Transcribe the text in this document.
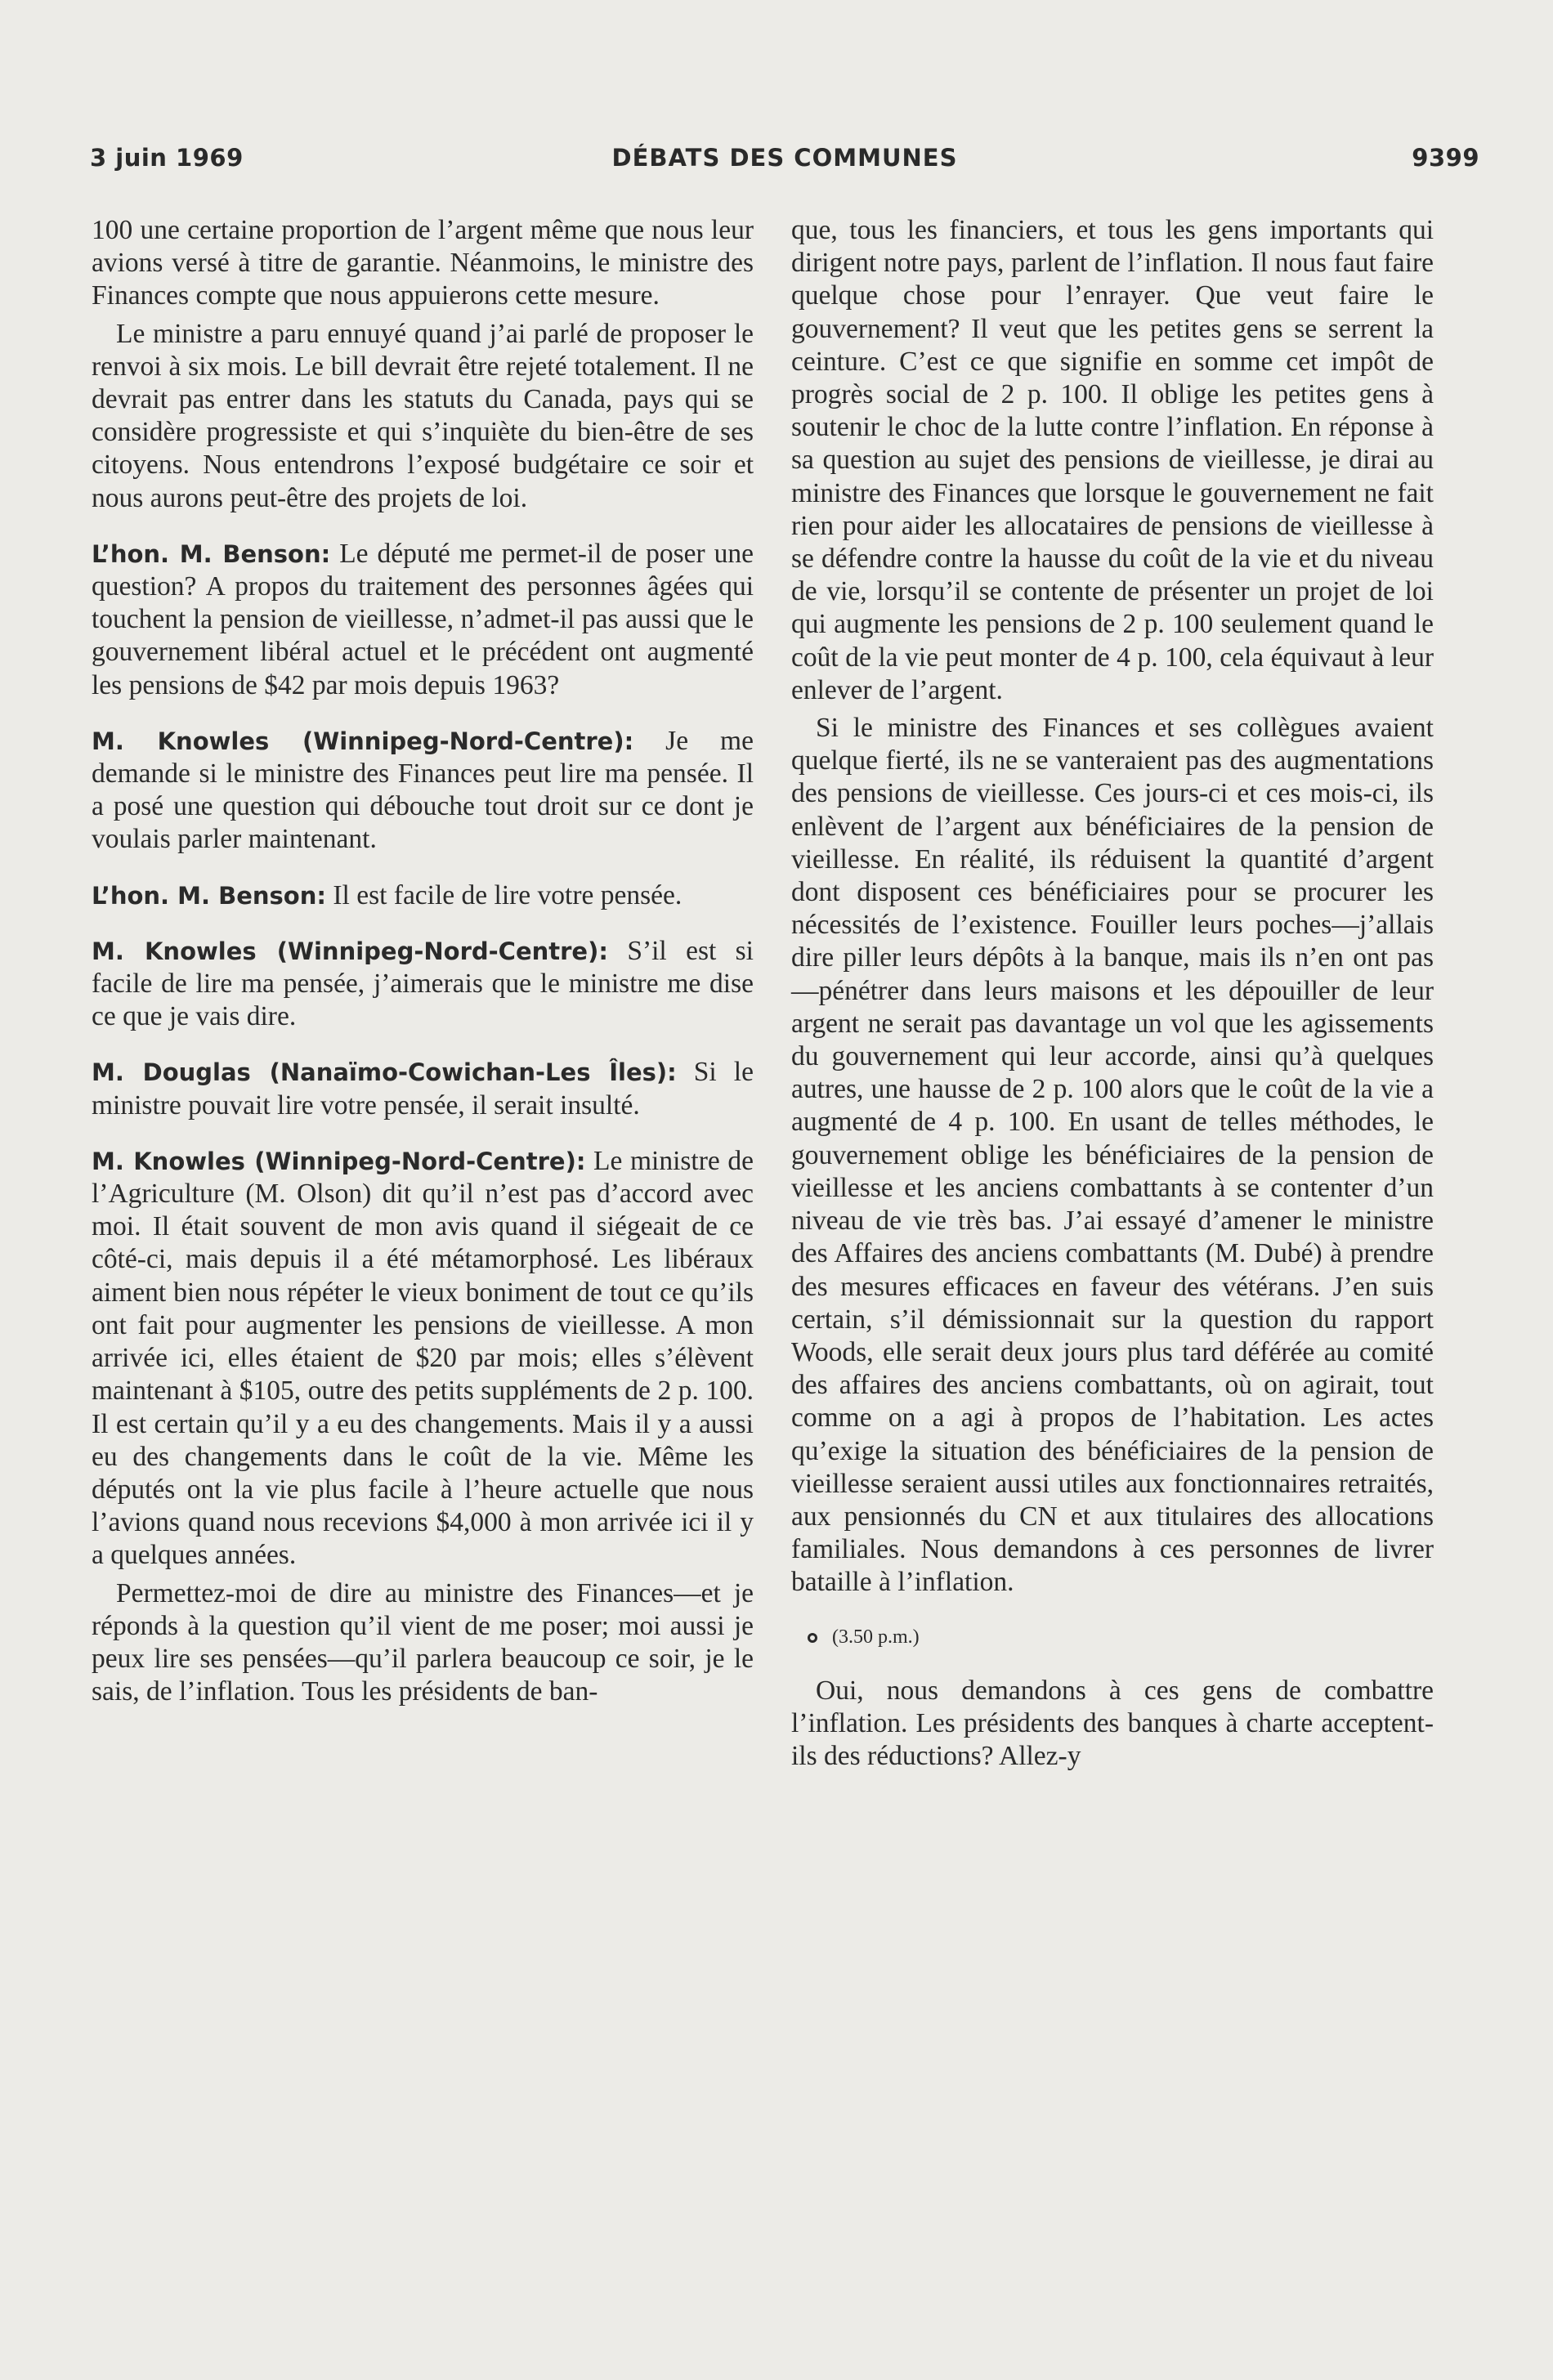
3 juin 1969	DÉBATS DES COMMUNES	9399

100 une certaine proportion de l’argent même que nous leur avions versé à titre de garantie. Néanmoins, le ministre des Finances compte que nous appuierons cette mesure.

Le ministre a paru ennuyé quand j’ai parlé de proposer le renvoi à six mois. Le bill devrait être rejeté totalement. Il ne devrait pas entrer dans les statuts du Canada, pays qui se considère progressiste et qui s’inquiète du bien-être de ses citoyens. Nous entendrons l’exposé budgétaire ce soir et nous aurons peut-être des projets de loi.

L’hon. M. Benson: Le député me permet-il de poser une question? A propos du traitement des personnes âgées qui touchent la pension de vieillesse, n’admet-il pas aussi que le gouvernement libéral actuel et le précédent ont augmenté les pensions de $42 par mois depuis 1963?

M. Knowles (Winnipeg-Nord-Centre): Je me demande si le ministre des Finances peut lire ma pensée. Il a posé une question qui débouche tout droit sur ce dont je voulais parler maintenant.

L’hon. M. Benson: Il est facile de lire votre pensée.

M. Knowles (Winnipeg-Nord-Centre): S’il est si facile de lire ma pensée, j’aimerais que le ministre me dise ce que je vais dire.

M. Douglas (Nanaïmo-Cowichan-Les Îles): Si le ministre pouvait lire votre pensée, il serait insulté.

M. Knowles (Winnipeg-Nord-Centre): Le ministre de l’Agriculture (M. Olson) dit qu’il n’est pas d’accord avec moi. Il était souvent de mon avis quand il siégeait de ce côté-ci, mais depuis il a été métamorphosé. Les libéraux aiment bien nous répéter le vieux boniment de tout ce qu’ils ont fait pour augmenter les pensions de vieillesse. A mon arrivée ici, elles étaient de $20 par mois; elles s’élèvent maintenant à $105, outre des petits suppléments de 2 p. 100. Il est certain qu’il y a eu des changements. Mais il y a aussi eu des changements dans le coût de la vie. Même les députés ont la vie plus facile à l’heure actuelle que nous l’avions quand nous recevions $4,000 à mon arrivée ici il y a quelques années.

Permettez-moi de dire au ministre des Finances—et je réponds à la question qu’il vient de me poser; moi aussi je peux lire ses pensées—qu’il parlera beaucoup ce soir, je le sais, de l’inflation. Tous les présidents de ban-

que, tous les financiers, et tous les gens importants qui dirigent notre pays, parlent de l’inflation. Il nous faut faire quelque chose pour l’enrayer. Que veut faire le gouvernement? Il veut que les petites gens se serrent la ceinture. C’est ce que signifie en somme cet impôt de progrès social de 2 p. 100. Il oblige les petites gens à soutenir le choc de la lutte contre l’inflation. En réponse à sa question au sujet des pensions de vieillesse, je dirai au ministre des Finances que lorsque le gouvernement ne fait rien pour aider les allocataires de pensions de vieillesse à se défendre contre la hausse du coût de la vie et du niveau de vie, lorsqu’il se contente de présenter un projet de loi qui augmente les pensions de 2 p. 100 seulement quand le coût de la vie peut monter de 4 p. 100, cela équivaut à leur enlever de l’argent.

Si le ministre des Finances et ses collègues avaient quelque fierté, ils ne se vanteraient pas des augmentations des pensions de vieillesse. Ces jours-ci et ces mois-ci, ils enlèvent de l’argent aux bénéficiaires de la pension de vieillesse. En réalité, ils réduisent la quantité d’argent dont disposent ces bénéficiaires pour se procurer les nécessités de l’existence. Fouiller leurs poches—j’allais dire piller leurs dépôts à la banque, mais ils n’en ont pas—pénétrer dans leurs maisons et les dépouiller de leur argent ne serait pas davantage un vol que les agissements du gouvernement qui leur accorde, ainsi qu’à quelques autres, une hausse de 2 p. 100 alors que le coût de la vie a augmenté de 4 p. 100. En usant de telles méthodes, le gouvernement oblige les bénéficiaires de la pension de vieillesse et les anciens combattants à se contenter d’un niveau de vie très bas. J’ai essayé d’amener le ministre des Affaires des anciens combattants (M. Dubé) à prendre des mesures efficaces en faveur des vétérans. J’en suis certain, s’il démissionnait sur la question du rapport Woods, elle serait deux jours plus tard déférée au comité des affaires des anciens combattants, où on agirait, tout comme on a agi à propos de l’habitation. Les actes qu’exige la situation des bénéficiaires de la pension de vieillesse seraient aussi utiles aux fonctionnaires retraités, aux pensionnés du CN et aux titulaires des allocations familiales. Nous demandons à ces personnes de livrer bataille à l’inflation.

(3.50 p.m.)

Oui, nous demandons à ces gens de combattre l’inflation. Les présidents des banques à charte acceptent-ils des réductions? Allez-y
